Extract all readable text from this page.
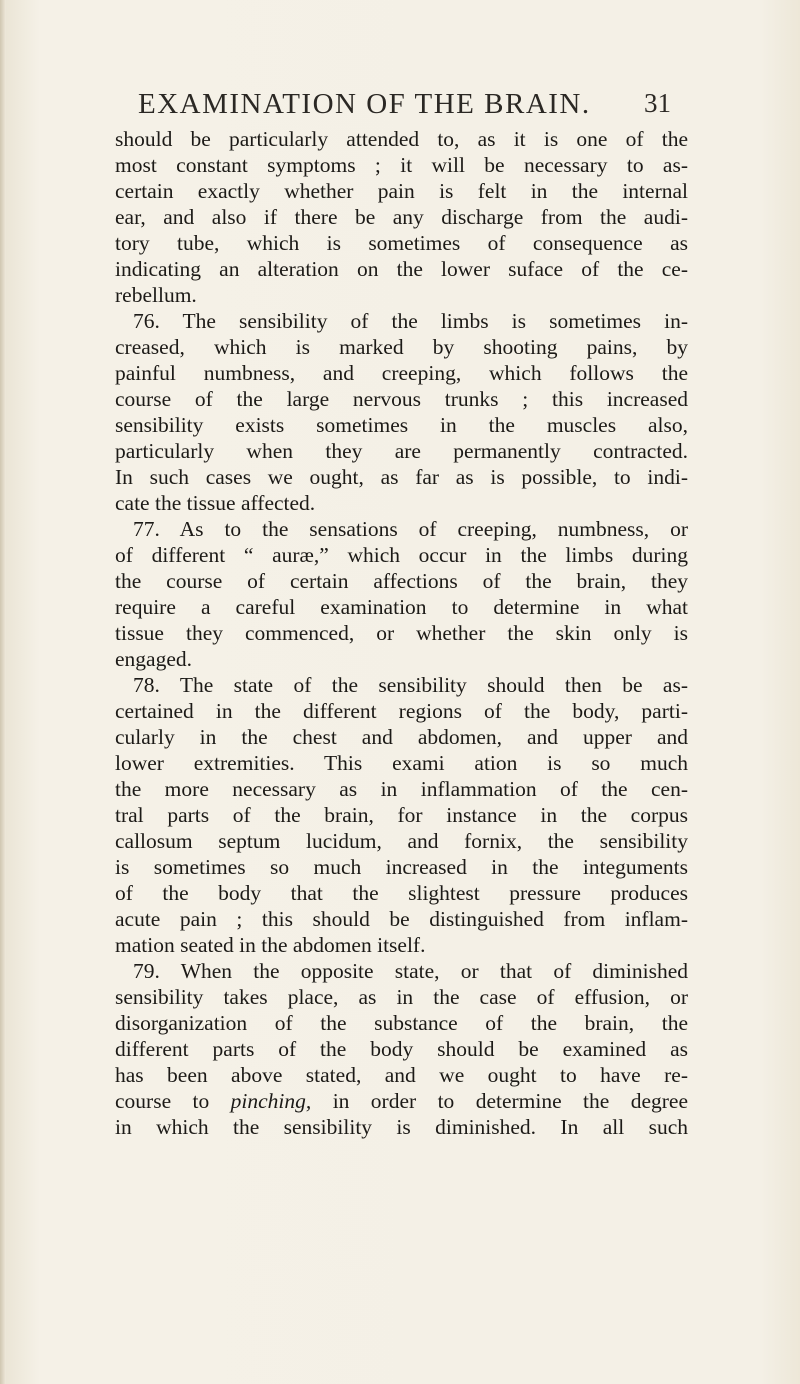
EXAMINATION OF THE BRAIN. 31
should be particularly attended to, as it is one of the
most constant symptoms ; it will be necessary to as-
certain exactly whether pain is felt in the internal
ear, and also if there be any discharge from the audi-
tory tube, which is sometimes of consequence as
indicating an alteration on the lower suface of the ce-
rebellum.
76. The sensibility of the limbs is sometimes in-
creased, which is marked by shooting pains, by
painful numbness, and creeping, which follows the
course of the large nervous trunks ; this increased
sensibility exists sometimes in the muscles also,
particularly when they are permanently contracted.
In such cases we ought, as far as is possible, to indi-
cate the tissue affected.
77. As to the sensations of creeping, numbness, or
of different “ auræ,” which occur in the limbs during
the course of certain affections of the brain, they
require a careful examination to determine in what
tissue they commenced, or whether the skin only is
engaged.
78. The state of the sensibility should then be as-
certained in the different regions of the body, parti-
cularly in the chest and abdomen, and upper and
lower extremities. This exami ation is so much
the more necessary as in inflammation of the cen-
tral parts of the brain, for instance in the corpus
callosum septum lucidum, and fornix, the sensibility
is sometimes so much increased in the integuments
of the body that the slightest pressure produces
acute pain ; this should be distinguished from inflam-
mation seated in the abdomen itself.
79. When the opposite state, or that of diminished
sensibility takes place, as in the case of effusion, or
disorganization of the substance of the brain, the
different parts of the body should be examined as
has been above stated, and we ought to have re-
course to pinching, in order to determine the degree
in which the sensibility is diminished. In all such
